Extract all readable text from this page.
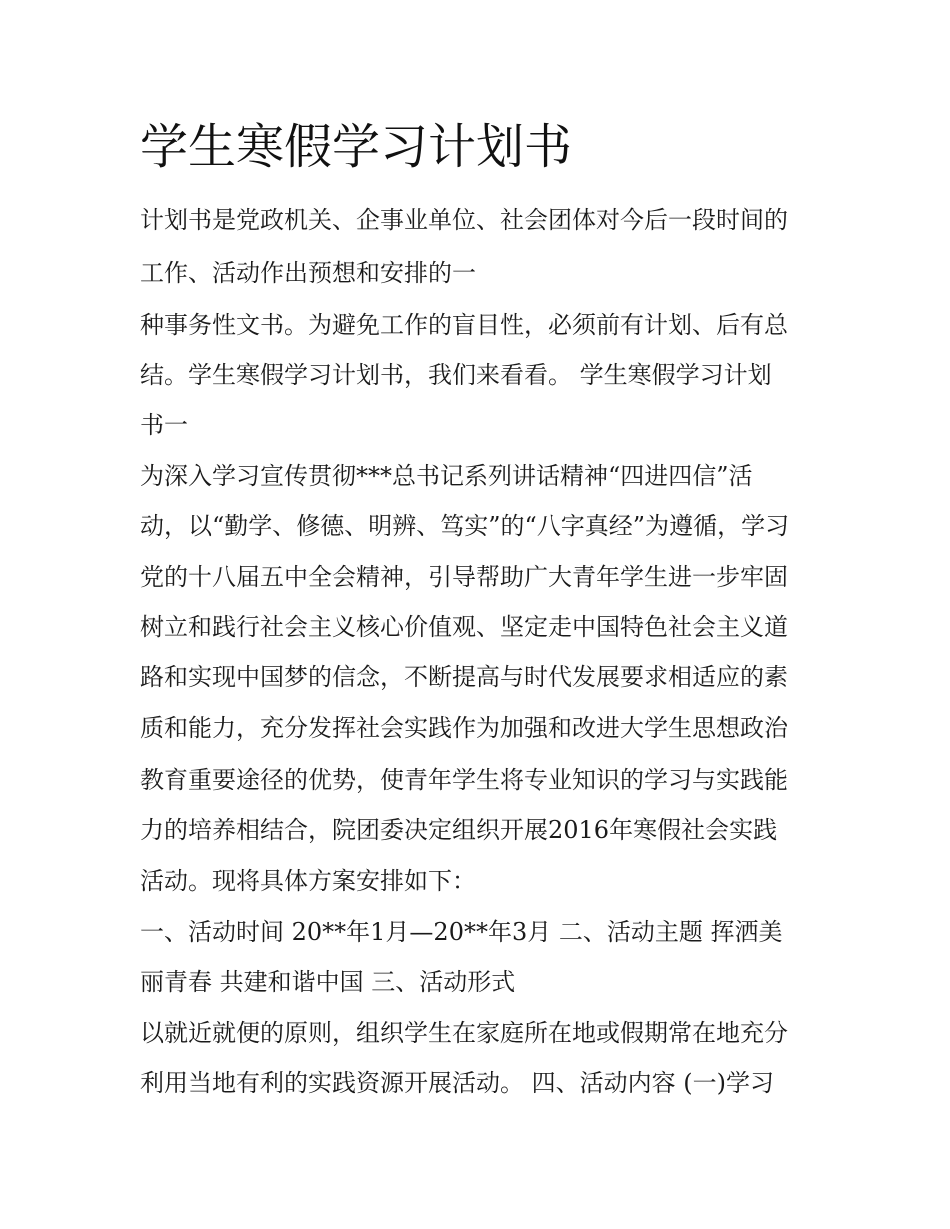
学生寒假学习计划书

计划书是党政机关、企事业单位、社会团体对今后一段时间的

工作、活动作出预想和安排的一

种事务性文书。为避免工作的盲目性，必须前有计划、后有总

结。学生寒假学习计划书，我们来看看。 学生寒假学习计划

书一

为深入学习宣传贯彻***总书记系列讲话精神“四进四信”活

动，以“勤学、修德、明辨、笃实”的“八字真经”为遵循，学习

党的十八届五中全会精神，引导帮助广大青年学生进一步牢固

树立和践行社会主义核心价值观、坚定走中国特色社会主义道

路和实现中国梦的信念，不断提高与时代发展要求相适应的素

质和能力，充分发挥社会实践作为加强和改进大学生思想政治

教育重要途径的优势，使青年学生将专业知识的学习与实践能

力的培养相结合，院团委决定组织开展2016年寒假社会实践

活动。现将具体方案安排如下：

一、活动时间 20**年1月—20**年3月 二、活动主题 挥洒美

丽青春 共建和谐中国 三、活动形式

以就近就便的原则，组织学生在家庭所在地或假期常在地充分

利用当地有利的实践资源开展活动。 四、活动内容 (一)学习
